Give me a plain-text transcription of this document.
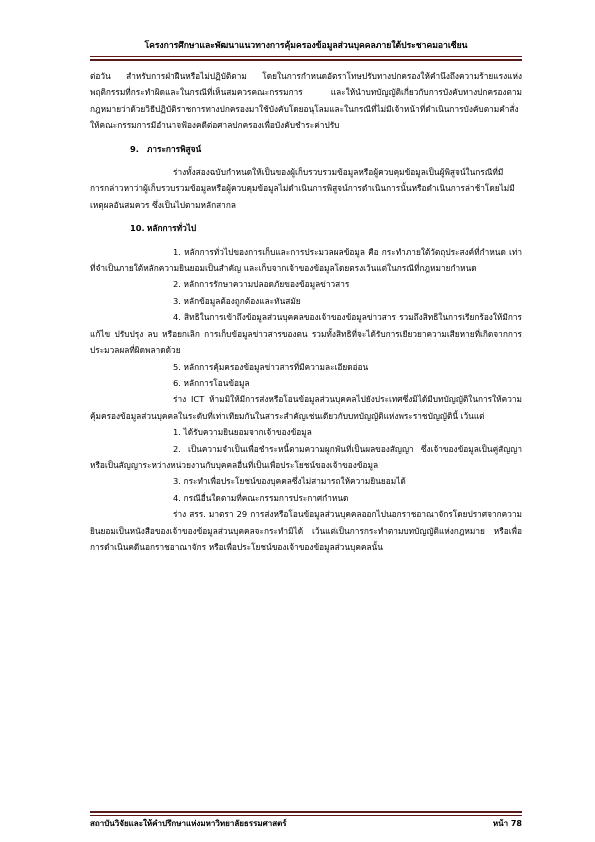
โครงการศึกษาและพัฒนาแนวทางการคุ้มครองข้อมูลส่วนบุคคลภายใต้ประชาคมอาเซียน

ต่อวัน สำหรับการฝ่าฝืนหรือไม่ปฏิบัติตาม โดยในการกำหนดอัตราโทษปรับทางปกครองให้คำนึงถึงความร้ายแรงแห่งพฤติกรรมที่กระทำผิดและในกรณีที่เห็นสมควรคณะกรรมการ และให้นำบทบัญญัติเกี่ยวกับการบังคับทางปกครองตามกฎหมายว่าด้วยวิธีปฏิบัติราชการทางปกครองมาใช้บังคับโดยอนุโลมและในกรณีที่ไม่มีเจ้าหน้าที่ดำเนินการบังคับตามคำสั่ง ให้คณะกรรมการมีอำนาจฟ้องคดีต่อศาลปกครองเพื่อบังคับชำระค่าปรับ

9. ภาระการพิสูจน์

ร่างทั้งสองฉบับกำหนดให้เป็นของผู้เก็บรวบรวมข้อมูลหรือผู้ควบคุมข้อมูลเป็นผู้พิสูจน์ในกรณีที่มีการกล่าวหาว่าผู้เก็บรวบรวมข้อมูลหรือผู้ควบคุมข้อมูลไม่ดำเนินการพิสูจน์การดำเนินการนั้นหรือดำเนินการล่าช้าโดยไม่มีเหตุผลอันสมควร ซึ่งเป็นไปตามหลักสากล

10. หลักการทั่วไป

1. หลักการทั่วไปของการเก็บและการประมวลผลข้อมูล คือ กระทำภายใต้วัตถุประสงค์ที่กำหนด เท่าที่จำเป็นภายใต้หลักความยินยอมเป็นสำคัญ และเก็บจากเจ้าของข้อมูลโดยตรงเว้นแต่ในกรณีที่กฎหมายกำหนด

2. หลักการรักษาความปลอดภัยของข้อมูลข่าวสาร

3. หลักข้อมูลต้องถูกต้องและทันสมัย

4. สิทธิในการเข้าถึงข้อมูลส่วนบุคคลของเจ้าของข้อมูลข่าวสาร รวมถึงสิทธิในการเรียกร้องให้มีการแก้ไข ปรับปรุง ลบ หรือยกเลิก การเก็บข้อมูลข่าวสารของตน รวมทั้งสิทธิที่จะได้รับการเยียวยาความเสียหายที่เกิดจากการประมวลผลที่ผิดพลาดด้วย

5. หลักการคุ้มครองข้อมูลข่าวสารที่มีความละเอียดอ่อน

6. หลักการโอนข้อมูล

ร่าง ICT ห้ามมิให้มีการส่งหรือโอนข้อมูลส่วนบุคคลไปยังประเทศซึ่งมิได้มีบทบัญญัติในการให้ความคุ้มครองข้อมูลส่วนบุคคลในระดับที่เท่าเทียมกันในสาระสำคัญเช่นเดียวกับบทบัญญัติแห่งพระราชบัญญัตินี้ เว้นแต่

1. ได้รับความยินยอมจากเจ้าของข้อมูล

2. เป็นความจำเป็นเพื่อชำระหนี้ตามความผูกพันที่เป็นผลของสัญญา ซึ่งเจ้าของข้อมูลเป็นคู่สัญญาหรือเป็นสัญญาระหว่างหน่วยงานกับบุคคลอื่นที่เป็นเพื่อประโยชน์ของเจ้าของข้อมูล

3. กระทำเพื่อประโยชน์ของบุคคลซึ่งไม่สามารถให้ความยินยอมได้

4. กรณีอื่นใดตามที่คณะกรรมการประกาศกำหนด

ร่าง สรร. มาตรา 29 การส่งหรือโอนข้อมูลส่วนบุคคลออกไปนอกราชอาณาจักรโดยปราศจากความยินยอมเป็นหนังสือของเจ้าของข้อมูลส่วนบุคคลจะกระทำมิได้ เว้นแต่เป็นการกระทำตามบทบัญญัติแห่งกฎหมาย หรือเพื่อการดำเนินคดีนอกราชอาณาจักร หรือเพื่อประโยชน์ของเจ้าของข้อมูลส่วนบุคคลนั้น

สถาบันวิจัยและให้คำปรึกษาแห่งมหาวิทยาลัยธรรมศาสตร์	หน้า 78
